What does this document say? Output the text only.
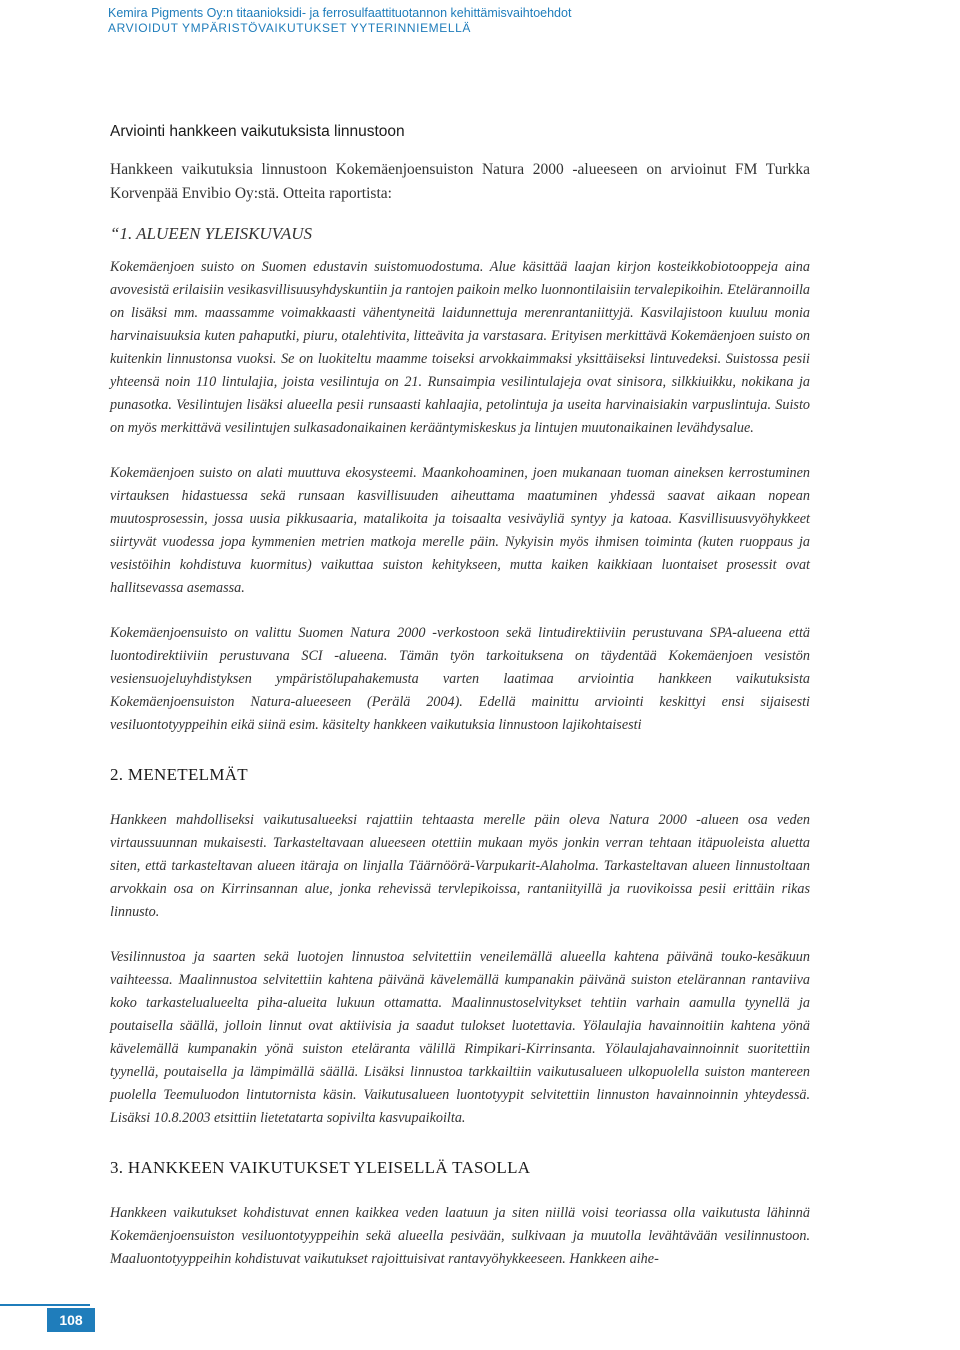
Kemira Pigments Oy:n titaanioksidi- ja ferrosulfaattituotannon kehittämisvaihtoehdot
ARVIOIDUT YMPÄRISTÖVAIKUTUKSET YYTERINNIEMELLÄ
Arviointi hankkeen vaikutuksista linnustoon

Hankkeen vaikutuksia linnustoon Kokemäenjoensuiston Natura 2000 -alueeseen on arvioinut FM Turkka Korvenpää Envibio Oy:stä. Otteita raportista:

“1. ALUEEN YLEISKUVAUS

Kokemäenjoen suisto on Suomen edustavin suistomuodostuma. Alue käsittää laajan kirjon kosteikkobiotooppeja aina avovesistä erilaisiin vesikasvillisuusyhdyskuntiin ja rantojen paikoin melko luonnontilaisiin tervalepikoihin. Etelärannoilla on lisäksi mm. maassamme voimakkaasti vähentyneitä laidunnettuja merenrantaniittyjä. Kasvilajistoon kuuluu monia harvinaisuuksia kuten pahaputki, piuru, otalehtivita, litteävita ja varstasara. Erityisen merkittävä Kokemäenjoen suisto on kuitenkin linnustonsa vuoksi. Se on luokiteltu maamme toiseksi arvokkaimmaksi yksittäiseksi lintuvedeksi. Suistossa pesii yhteensä noin 110 lintulajia, joista vesilintuja on 21. Runsaimpia vesilintulajeja ovat sinisora, silkkiuikku, nokikana ja punasotka. Vesilintujen lisäksi alueella pesii runsaasti kahlaajia, petolintuja ja useita harvinaisiakin varpuslintuja. Suisto on myös merkittävä vesilintujen sulkasadonaikainen kerääntymiskeskus ja lintujen muutonaikainen levähdysalue.

Kokemäenjoen suisto on alati muuttuva ekosysteemi. Maankohoaminen, joen mukanaan tuoman aineksen kerrostuminen virtauksen hidastuessa sekä runsaan kasvillisuuden aiheuttama maatuminen yhdessä saavat aikaan nopean muutosprosessin, jossa uusia pikkusaaria, matalikoita ja toisaalta vesiväyliä syntyy ja katoaa. Kasvillisuusvyöhykkeet siirtyvät vuodessa jopa kymmenien metrien matkoja merelle päin. Nykyisin myös ihmisen toiminta (kuten ruoppaus ja vesistöihin kohdistuva kuormitus) vaikuttaa suiston kehitykseen, mutta kaiken kaikkiaan luontaiset prosessit ovat hallitsevassa asemassa.

Kokemäenjoensuisto on valittu Suomen Natura 2000 -verkostoon sekä lintudirektiiviin perustuvana SPA-alueena että luontodirektiiviin perustuvana SCI -alueena. Tämän työn tarkoituksena on täydentää Kokemäenjoen vesistön vesiensuojeluyhdistyksen ympäristölupahakemusta varten laatimaa arviointia hankkeen vaikutuksista Kokemäenjoensuiston Natura-alueeseen (Perälä 2004). Edellä mainittu arviointi keskittyi ensi sijaisesti vesiluontotyyppeihin eikä siinä esim. käsitelty hankkeen vaikutuksia linnustoon lajikohtaisesti

2. MENETELMÄT

Hankkeen mahdolliseksi vaikutusalueeksi rajattiin tehtaasta merelle päin oleva Natura 2000 -alueen osa veden virtaussuunnan mukaisesti. Tarkasteltavaan alueeseen otettiin mukaan myös jonkin verran tehtaan itäpuoleista aluetta siten, että tarkasteltavan alueen itäraja on linjalla Täärnöörä-Varpukarit-Alaholma. Tarkasteltavan alueen linnustoltaan arvokkain osa on Kirrinsannan alue, jonka rehevissä tervlepikoissa, rantaniityillä ja ruovikoissa pesii erittäin rikas linnusto.

Vesilinnustoa ja saarten sekä luotojen linnustoa selvitettiin veneilemällä alueella kahtena päivänä touko-kesäkuun vaihteessa. Maalinnustoa selvitettiin kahtena päivänä kävelemällä kumpanakin päivänä suiston etelärannan rantaviiva koko tarkastelualueelta piha-alueita lukuun ottamatta. Maalinnustoselvitykset tehtiin varhain aamulla tyynellä ja poutaisella säällä, jolloin linnut ovat aktiivisia ja saadut tulokset luotettavia. Yölaulajia havainnoitiin kahtena yönä kävelemällä kumpanakin yönä suiston eteläranta välillä Rimpikari-Kirrinsanta. Yölaulajahavainnoinnit suoritettiin tyynellä, poutaisella ja lämpimällä säällä. Lisäksi linnustoa tarkkailtiin vaikutusalueen ulkopuolella suiston mantereen puolella Teemuluodon lintutornista käsin. Vaikutusalueen luontotyypit selvitettiin linnuston havainnoinnin yhteydessä. Lisäksi 10.8.2003 etsittiin lietetatarta sopivilta kasvupaikoilta.

3. HANKKEEN VAIKUTUKSET YLEISELLÄ TASOLLA

Hankkeen vaikutukset kohdistuvat ennen kaikkea veden laatuun ja siten niillä voisi teoriassa olla vaikutusta lähinnä Kokemäenjoensuiston vesiluontotyyppeihin sekä alueella pesivään, sulkivaan ja muutolla levähtävään vesilinnustoon. Maaluontotyyppeihin kohdistuvat vaikutukset rajoittuisivat rantavyöhykkeeseen. Hankkeen aihe-

108
